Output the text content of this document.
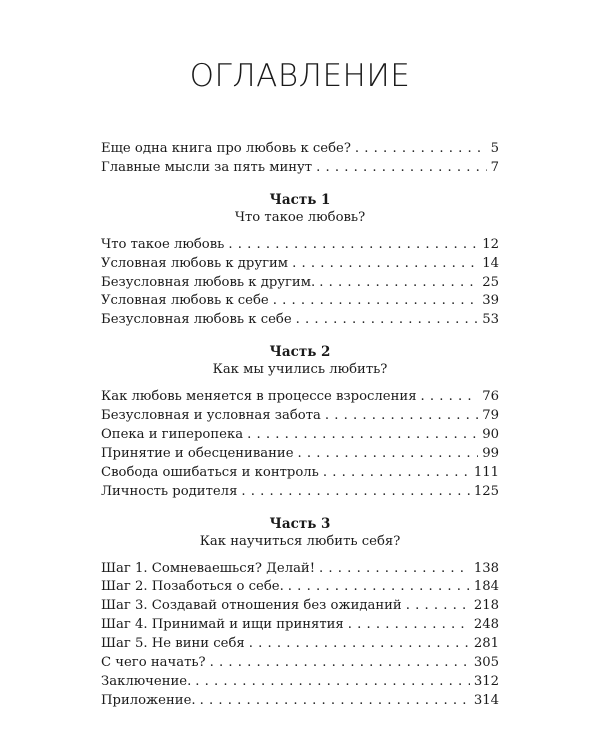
ОГЛАВЛЕНИЕ
Еще одна книга про любовь к себе? . . .	5
Главные мысли за пять минут . . .	7
Часть 1
Что такое любовь?
Что такое любовь . . .	12
Условная любовь к другим . . .	14
Безусловная любовь к другим. . . .	25
Условная любовь к себе . . .	39
Безусловная любовь к себе . . .	53
Часть 2
Как мы учились любить?
Как любовь меняется в процессе взросления . . .	76
Безусловная и условная забота . . .	79
Опека и гиперопека . . .	90
Принятие и обесценивание . . .	99
Свобода ошибаться и контроль . . .	111
Личность родителя . . .	125
Часть 3
Как научиться любить себя?
Шаг 1. Сомневаешься? Делай! . . .	138
Шаг 2. Позаботься о себе. . . .	184
Шаг 3. Создавай отношения без ожиданий . . .	218
Шаг 4. Принимай и ищи принятия . . .	248
Шаг 5. Не вини себя . . .	281
С чего начать? . . .	305
Заключение. . . .	312
Приложение. . . .	314
